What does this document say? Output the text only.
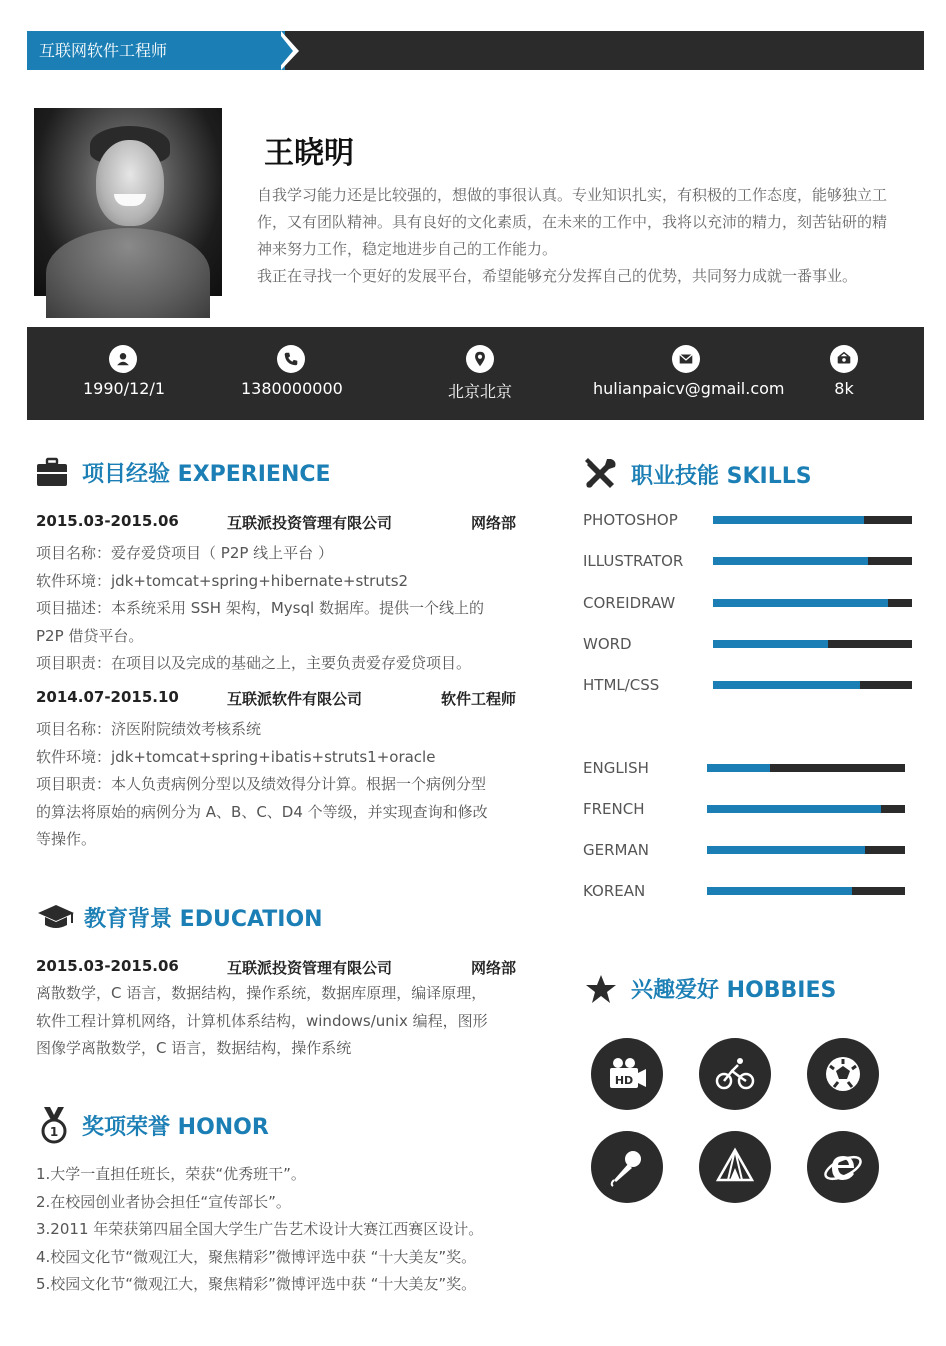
互联网软件工程师
王晓明

自我学习能力还是比较强的，想做的事很认真。专业知识扎实，有积极的工作态度，能够独立工

作，又有团队精神。具有良好的文化素质，在未来的工作中，我将以充沛的精力，刻苦钻研的精

神来努力工作，稳定地进步自己的工作能力。

我正在寻找一个更好的发展平台，希望能够充分发挥自己的优势，共同努力成就一番事业。

1990/12/1	1380000000	北京北京	hulianpaicv@gmail.com	8k
项目经验 EXPERIENCE
2015.03-2015.06	互联派投资管理有限公司	网络部

项目名称：爱存爱贷项目（ P2P 线上平台 ）

软件环境：jdk+tomcat+spring+hibernate+struts2

项目描述：本系统采用 SSH 架构，Mysql 数据库。提供一个线上的

P2P 借贷平台。

项目职责：在项目以及完成的基础之上，主要负责爱存爱贷项目。

2014.07-2015.10	互联派软件有限公司	软件工程师

项目名称：济医附院绩效考核系统

软件环境：jdk+tomcat+spring+ibatis+struts1+oracle

项目职责：本人负责病例分型以及绩效得分计算。根据一个病例分型

的算法将原始的病例分为 A、B、C、D4 个等级，并实现查询和修改

等操作。

教育背景 EDUCATION
2015.03-2015.06	互联派投资管理有限公司	网络部

离散数学，C 语言，数据结构，操作系统，数据库原理，编译原理，

软件工程计算机网络，计算机体系结构，windows/unix 编程，图形

图像学离散数学，C 语言，数据结构，操作系统

1 奖项荣誉 HONOR

1.大学一直担任班长，荣获“优秀班干”。

2.在校园创业者协会担任“宣传部长”。

3.2011 年荣获第四届全国大学生广告艺术设计大赛江西赛区设计。

4.校园文化节“微观江大，聚焦精彩”微博评选中获 “十大美友”奖。

5.校园文化节“微观江大，聚焦精彩”微博评选中获 “十大美友”奖。

职业技能 SKILLS
PHOTOSHOP
ILLUSTRATOR
COREIDRAW
WORD
HTML/CSS
ENGLISH
FRENCH
GERMAN
KOREAN
兴趣爱好 HOBBIES
HD
